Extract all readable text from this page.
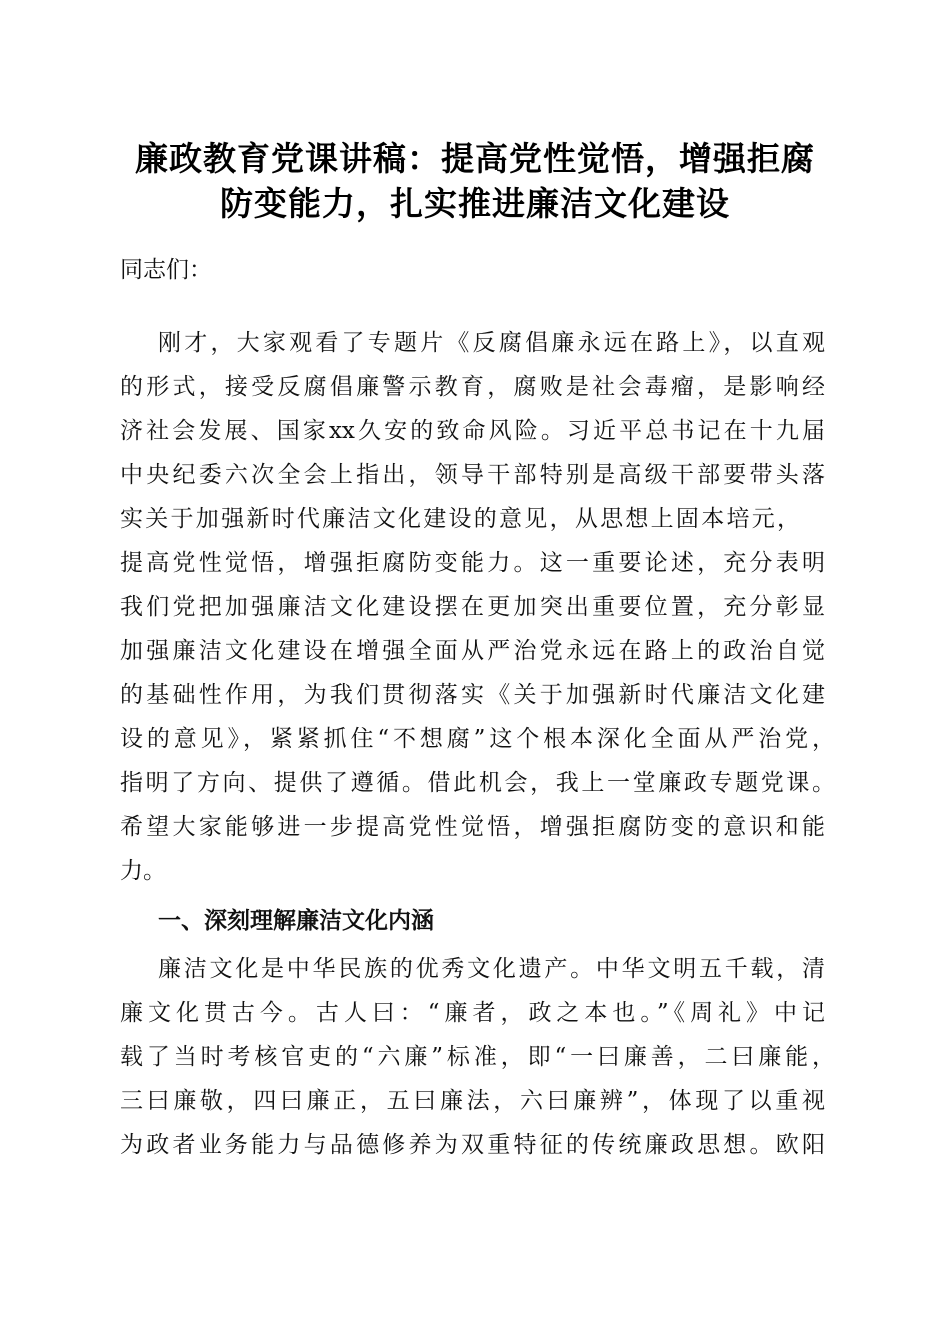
廉政教育党课讲稿：提高党性觉悟，增强拒腐
防变能力，扎实推进廉洁文化建设
同志们：
刚才，大家观看了专题片《反腐倡廉永远在路上》，以直观
的形式，接受反腐倡廉警示教育，腐败是社会毒瘤，是影响经
济社会发展、国家xx久安的致命风险。习近平总书记在十九届
中央纪委六次全会上指出，领导干部特别是高级干部要带头落
实关于加强新时代廉洁文化建设的意见，从思想上固本培元，
提高党性觉悟，增强拒腐防变能力。这一重要论述，充分表明
我们党把加强廉洁文化建设摆在更加突出重要位置，充分彰显
加强廉洁文化建设在增强全面从严治党永远在路上的政治自觉
的基础性作用，为我们贯彻落实《关于加强新时代廉洁文化建
设的意见》，紧紧抓住“不想腐”这个根本深化全面从严治党，
指明了方向、提供了遵循。借此机会，我上一堂廉政专题党课。
希望大家能够进一步提高党性觉悟，增强拒腐防变的意识和能
力。
一、深刻理解廉洁文化内涵
廉洁文化是中华民族的优秀文化遗产。中华文明五千载，清
廉文化贯古今。古人曰：“廉者，政之本也。”《周礼》中记
载了当时考核官吏的“六廉”标准，即“一曰廉善，二曰廉能，
三曰廉敬，四曰廉正，五曰廉法，六曰廉辨”，体现了以重视
为政者业务能力与品德修养为双重特征的传统廉政思想。欧阳
